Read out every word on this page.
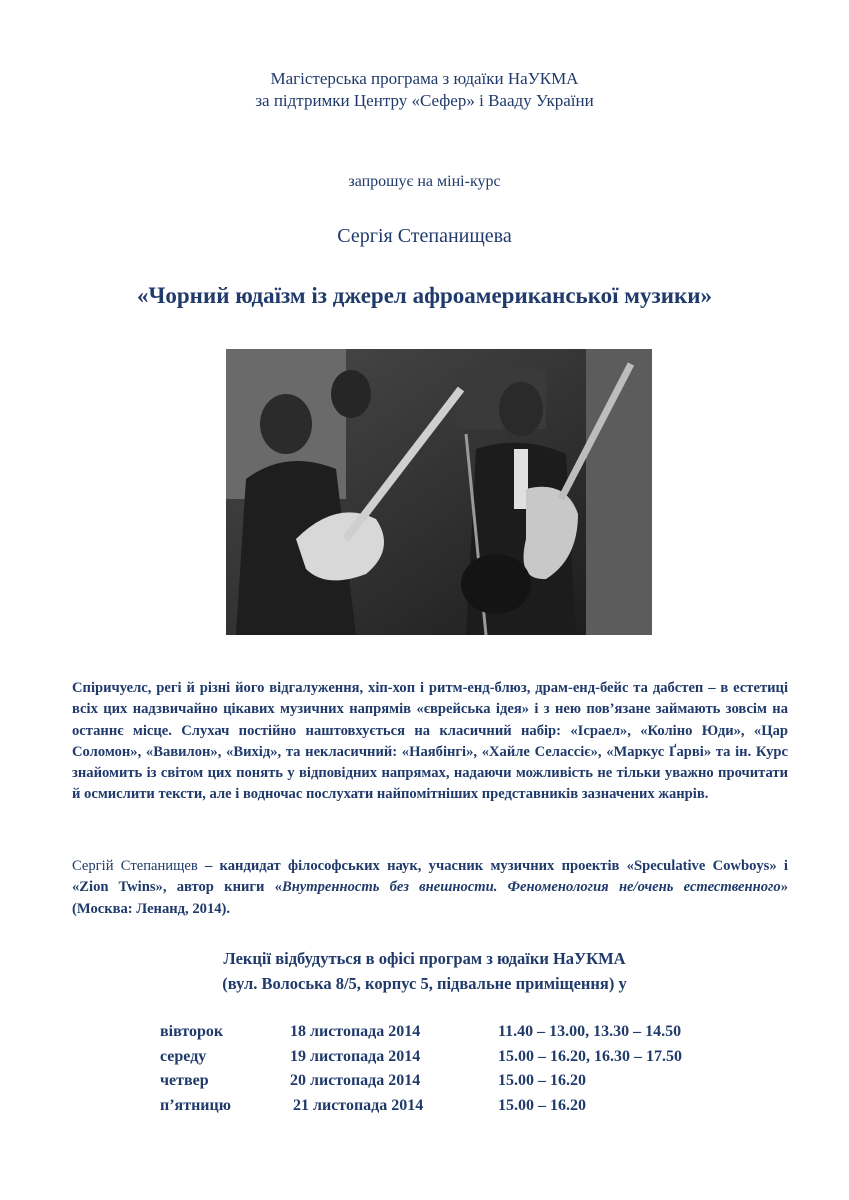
Магістерська програма з юдаїки НаУКМА
за підтримки Центру «Сефер» і Вааду України
запрошує на міні-курс
Сергія Степанищева
«Чорний юдаїзм із джерел афроамериканської музики»
Спіричуелс, регі й різні його відгалуження, хіп-хоп і ритм-енд-блюз, драм-енд-бейс та дабстеп – в естетиці всіх цих надзвичайно цікавих музичних напрямів «єврейська ідея» і з нею пов’язане займають зовсім на останнє місце. Слухач постійно наштовхується на класичний набір: «Ісраел», «Коліно Юди», «Цар Соломон», «Вавилон», «Вихід», та некласичний: «Наябінгі», «Хайле Селассіє», «Маркус Ґарві» та ін. Курс знайомить із світом цих понять у відповідних напрямах, надаючи можливість не тільки уважно прочитати й осмислити тексти, але і водночас послухати найпомітніших представників зазначених жанрів.
Сергій Степанищев – кандидат філософських наук, учасник музичних проектів «Speculative Cowboys» і «Zion Twins», автор книги «Внутренность без внешности. Феноменология не/очень естественного» (Москва: Ленанд, 2014).
Лекції відбудуться в офісі програм з юдаїки НаУКМА
(вул. Волоська 8/5, корпус 5, підвальне приміщення) у
вівторок	18 листопада 2014	11.40 – 13.00, 13.30 – 14.50
середу	19 листопада 2014	15.00 – 16.20, 16.30 – 17.50
четвер	20 листопада 2014	15.00 – 16.20
п’ятницю	21 листопада 2014	15.00 – 16.20
